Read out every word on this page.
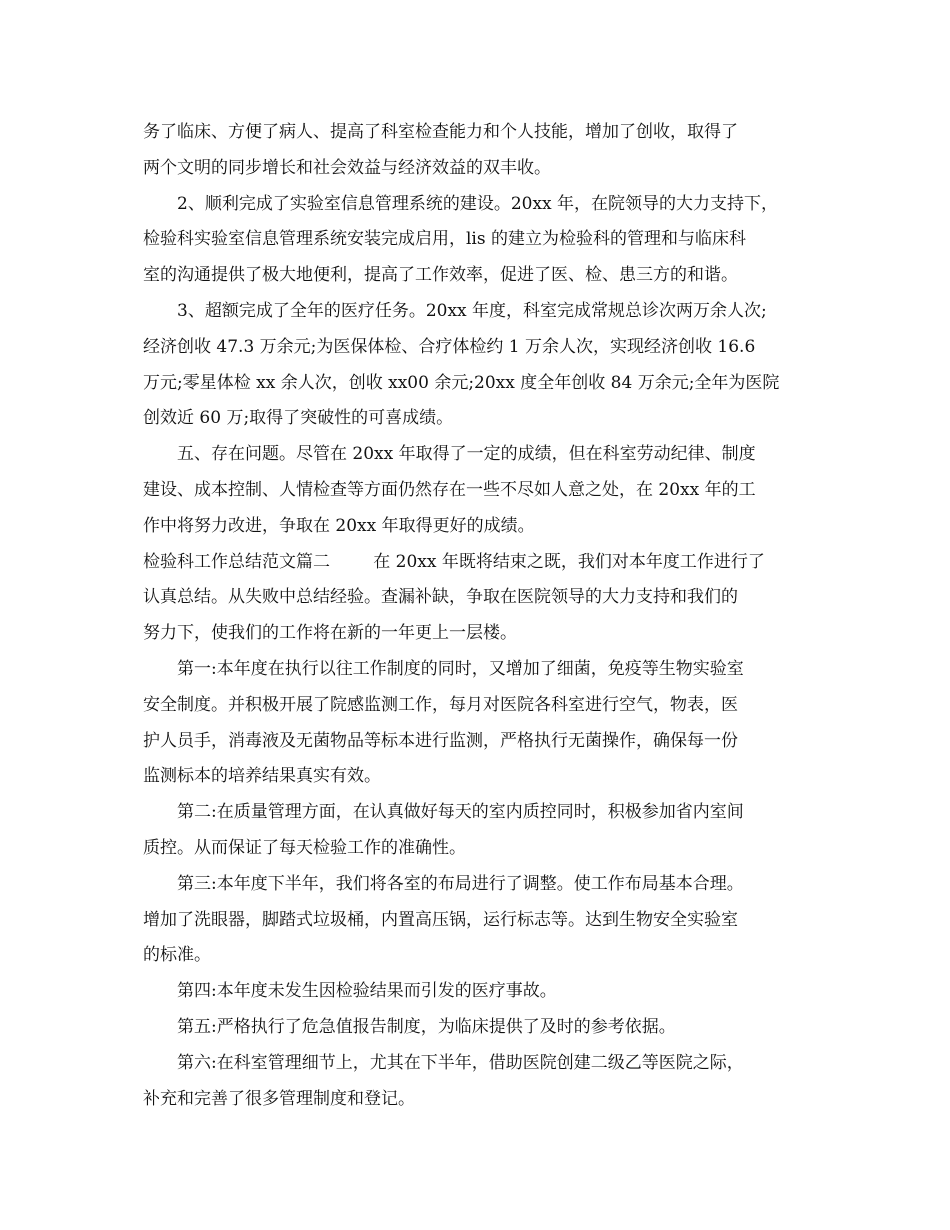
务了临床、方便了病人、提高了科室检查能力和个人技能，增加了创收，取得了
两个文明的同步增长和社会效益与经济效益的双丰收。
2、顺利完成了实验室信息管理系统的建设。20xx 年，在院领导的大力支持下，
检验科实验室信息管理系统安装完成启用，lis 的建立为检验科的管理和与临床科
室的沟通提供了极大地便利，提高了工作效率，促进了医、检、患三方的和谐。
3、超额完成了全年的医疗任务。20xx 年度，科室完成常规总诊次两万余人次;
经济创收 47.3 万余元;为医保体检、合疗体检约 1 万余人次，实现经济创收 16.6
万元;零星体检 xx 余人次，创收 xx00 余元;20xx 度全年创收 84 万余元;全年为医院
创效近 60 万;取得了突破性的可喜成绩。
五、存在问题。尽管在 20xx 年取得了一定的成绩，但在科室劳动纪律、制度
建设、成本控制、人情检查等方面仍然存在一些不尽如人意之处，在 20xx 年的工
作中将努力改进，争取在 20xx 年取得更好的成绩。
检验科工作总结范文篇二        在 20xx 年既将结束之既，我们对本年度工作进行了
认真总结。从失败中总结经验。查漏补缺，争取在医院领导的大力支持和我们的
努力下，使我们的工作将在新的一年更上一层楼。
第一:本年度在执行以往工作制度的同时，又增加了细菌，免疫等生物实验室
安全制度。并积极开展了院感监测工作，每月对医院各科室进行空气，物表，医
护人员手，消毒液及无菌物品等标本进行监测，严格执行无菌操作，确保每一份
监测标本的培养结果真实有效。
第二:在质量管理方面，在认真做好每天的室内质控同时，积极参加省内室间
质控。从而保证了每天检验工作的准确性。
第三:本年度下半年，我们将各室的布局进行了调整。使工作布局基本合理。
增加了洗眼器，脚踏式垃圾桶，内置高压锅，运行标志等。达到生物安全实验室
的标准。
第四:本年度未发生因检验结果而引发的医疗事故。
第五:严格执行了危急值报告制度，为临床提供了及时的参考依据。
第六:在科室管理细节上，尤其在下半年，借助医院创建二级乙等医院之际，
补充和完善了很多管理制度和登记。
